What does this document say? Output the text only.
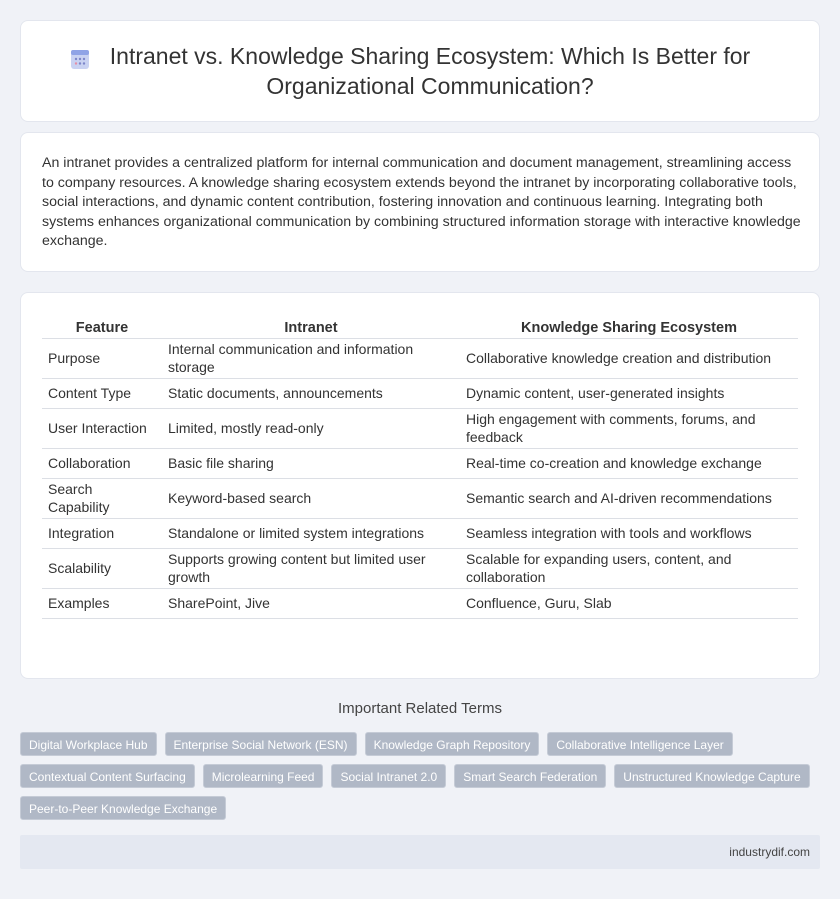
Intranet vs. Knowledge Sharing Ecosystem: Which Is Better for Organizational Communication?

An intranet provides a centralized platform for internal communication and document management, streamlining access to company resources. A knowledge sharing ecosystem extends beyond the intranet by incorporating collaborative tools, social interactions, and dynamic content contribution, fostering innovation and continuous learning. Integrating both systems enhances organizational communication by combining structured information storage with interactive knowledge exchange.

Feature	Intranet	Knowledge Sharing Ecosystem
Purpose	Internal communication and information storage	Collaborative knowledge creation and distribution
Content Type	Static documents, announcements	Dynamic content, user-generated insights
User Interaction	Limited, mostly read-only	High engagement with comments, forums, and feedback
Collaboration	Basic file sharing	Real-time co-creation and knowledge exchange
Search Capability	Keyword-based search	Semantic search and AI-driven recommendations
Integration	Standalone or limited system integrations	Seamless integration with tools and workflows
Scalability	Supports growing content but limited user growth	Scalable for expanding users, content, and collaboration
Examples	SharePoint, Jive	Confluence, Guru, Slab
Important Related Terms
Digital Workplace Hub	Enterprise Social Network (ESN)	Knowledge Graph Repository	Collaborative Intelligence Layer
Contextual Content Surfacing	Microlearning Feed	Social Intranet 2.0	Smart Search Federation	Unstructured Knowledge Capture
Peer-to-Peer Knowledge Exchange
industrydif.com
